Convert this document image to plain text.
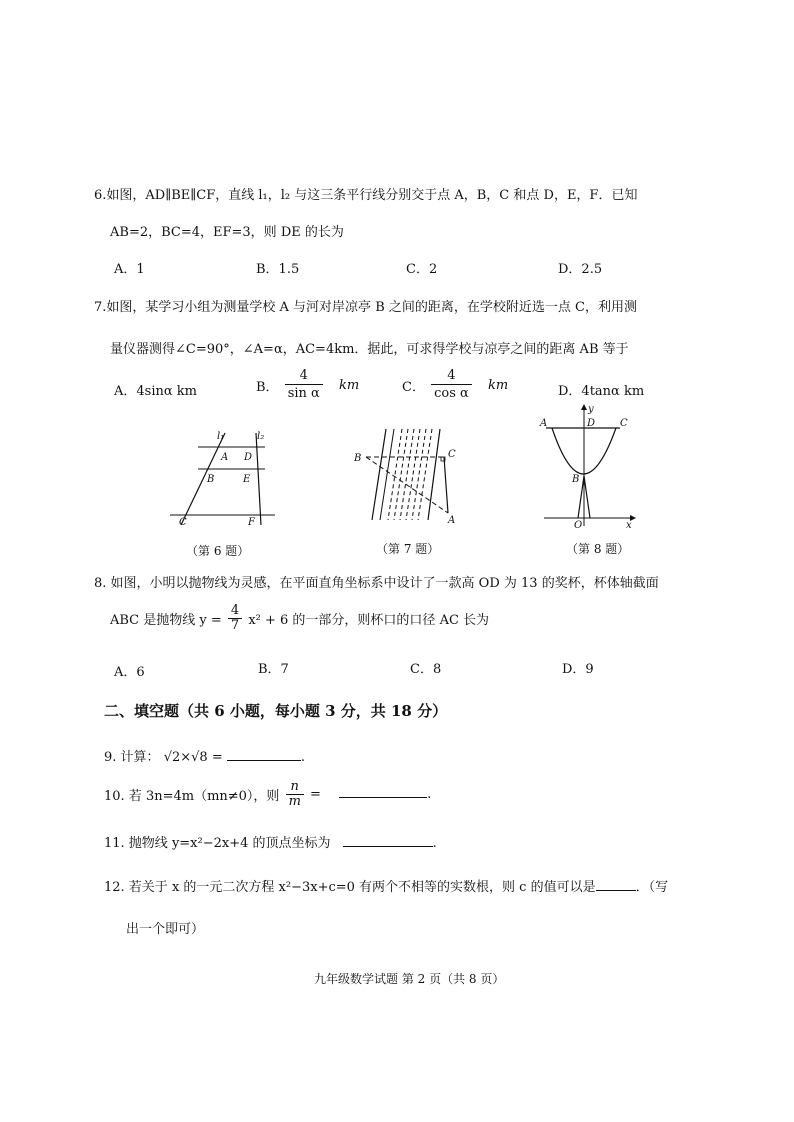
6.如图，AD∥BE∥CF，直线 l₁，l₂ 与这三条平行线分别交于点 A，B，C 和点 D，E，F．已知
AB=2，BC=4，EF=3，则 DE 的长为
A．1	B．1.5	C．2	D．2.5
7.如图，某学习小组为测量学校 A 与河对岸凉亭 B 之间的距离，在学校附近选一点 C，利用测
量仪器测得∠C=90°，∠A=α，AC=4km．据此，可求得学校与凉亭之间的距离 AB 等于
A．4sinα km	B． $\frac{4}{\text{sin α}}$ km	C． $\frac{4}{\text{cos α}}$ km	D．4tanα km
l₁	l₂
A D
B	E
C	F
（第 6 题）
B	C
A
（第 7 题）
y
A	D C
B
O	x
（第 8 题）
8. 如图，小明以抛物线为灵感，在平面直角坐标系中设计了一款高 OD 为 13 的奖杯，杯体轴截面
ABC 是抛物线 $y = \frac{4}{7} x^2 + 6$ 的一部分，则杯口的口径 AC 长为
A．6	B．7	C．8	D．9
二、填空题（共 6 小题，每小题 3 分，共 18 分）
9. 计算： √2×√8 =	.
10. 若 3n=4m（mn≠0），则 $\frac{n}{m}$ =	.
11. 抛物线 y=x²−2x+4 的顶点坐标为	.
12. 若关于 x 的一元二次方程 x²−3x+c=0 有两个不相等的实数根，则 c 的值可以是	．（写
出一个即可）
九年级数学试题 第 2 页（共 8 页）
